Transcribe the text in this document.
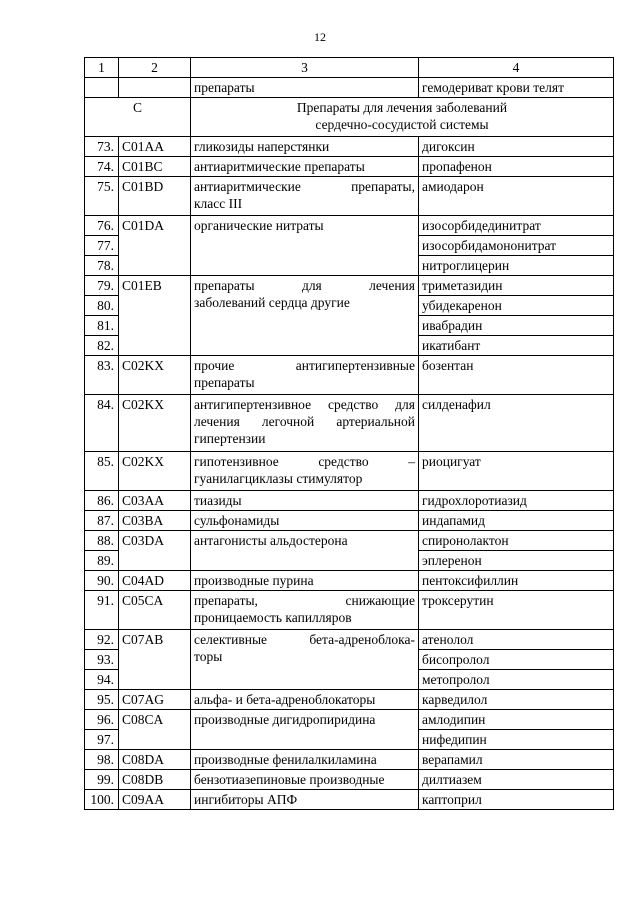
12
1	2	3	4
		препараты	гемодериват крови телят
C		Препараты для лечения заболеваний
сердечно-сосудистой системы	

73.	C01AA	гликозиды наперстянки	дигоксин
74.	C01BC	антиаритмические препараты	пропафенон
75.	C01BD	антиаритмические препараты,
класс III	амиодарон
76.	C01DA	органические нитраты	изосорбидединитрат
77.			изосорбидамононитрат
78.			нитроглицерин
79.	C01EB	препараты для лечения
заболеваний сердца другие	триметазидин
80.			убидекаренон
81.			ивабрадин
82.			икатибант
83.	C02KX	прочие антигипертензивные
препараты	бозентан
84.	C02KX	антигипертензивное средство для
лечения легочной артериальной
гипертензии	силденафил
85.	C02KX	гипотензивное средство –
гуанилагциклазы стимулятор	риоцигуат
86.	C03AA	тиазиды	гидрохлоротиазид
87.	C03BA	сульфонамиды	индапамид
88.	C03DA	антагонисты альдостерона	спиронолактон
89.			эплеренон
90.	C04AD	производные пурина	пентоксифиллин
91.	C05CA	препараты, снижающие
проницаемость капилляров	троксерутин
92.	C07AB	селективные бета-адреноблока-
торы	атенолол
93.			бисопролол
94.			метопролол
95.	C07AG	альфа- и бета-адреноблокаторы	карведилол
96.	C08CA	производные дигидропиридина	амлодипин
97.			нифедипин
98.	C08DA	производные фенилалкиламина	верапамил
99.	C08DB	бензотиазепиновые производные	дилтиазем
100.	C09AA	ингибиторы АПФ	каптоприл
